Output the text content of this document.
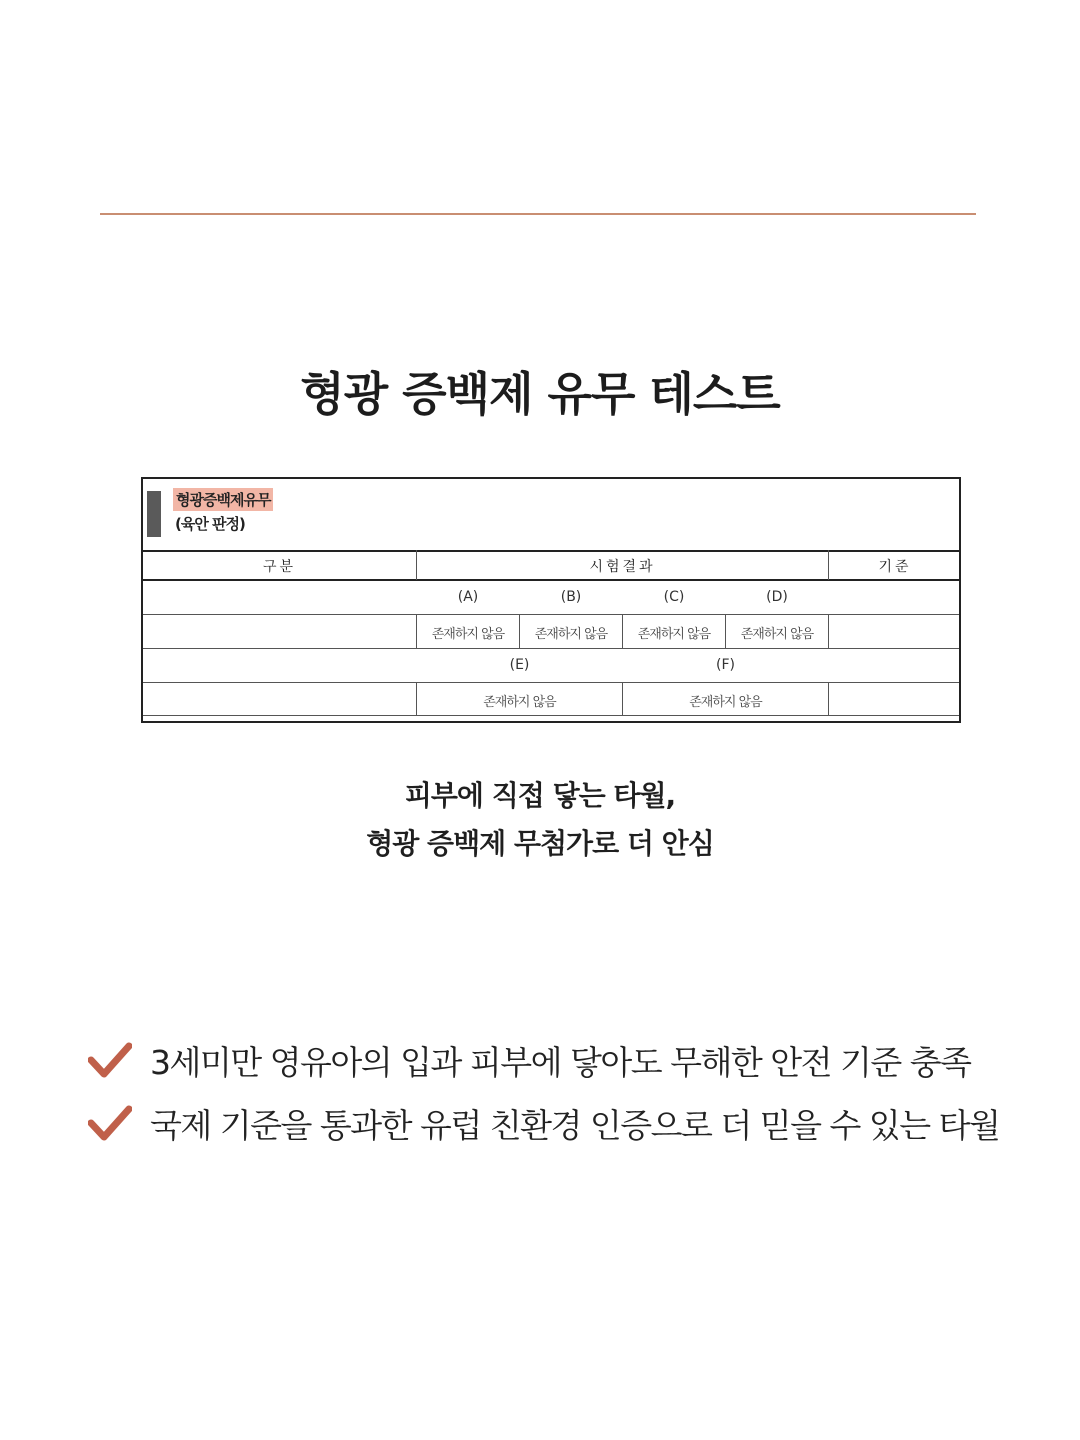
형광 증백제 유무 테스트
형광증백제유무
(육안 판정)
구분	시험결과	기준
(A)	(B)	(C)	(D)
존재하지 않음	존재하지 않음	존재하지 않음	존재하지 않음
(E)	(F)
존재하지 않음	존재하지 않음
피부에 직접 닿는 타월,
형광 증백제 무첨가로 더 안심
3세미만 영유아의 입과 피부에 닿아도 무해한 안전 기준 충족
국제 기준을 통과한 유럽 친환경 인증으로 더 믿을 수 있는 타월
